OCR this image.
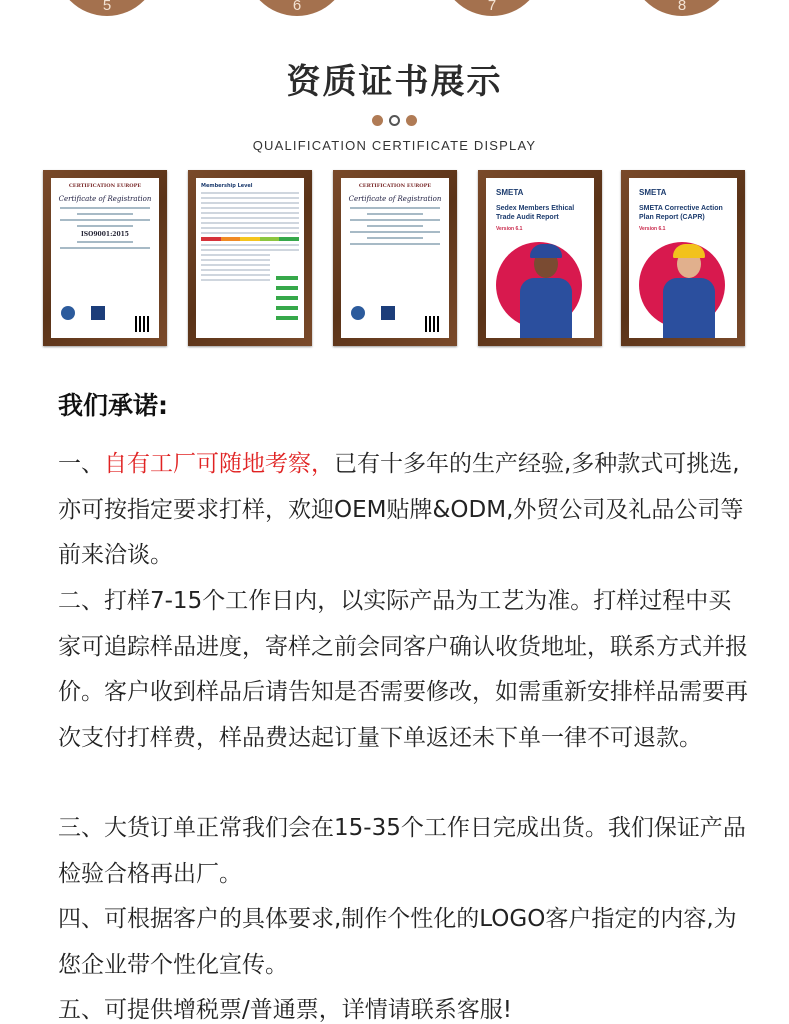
5	6	7	8
资质证书展示
QUALIFICATION CERTIFICATE DISPLAY
CERTIFICATION EUROPE
Certificate of Registration
ISO9001:2015
Membership Level	CERTIFICATION EUROPE
Certificate of Registration
SMETA
Sedex Members Ethical Trade Audit Report
Version 6.1
SMETA
SMETA Corrective Action Plan Report (CAPR)
Version 6.1
我们承诺:

一、自有工厂可随地考察，已有十多年的生产经验,多种款式可挑选,亦可按指定要求打样，欢迎OEM贴牌&ODM,外贸公司及礼品公司等前来洽谈。

二、打样7-15个工作日内，以实际产品为工艺为准。打样过程中买家可追踪样品进度，寄样之前会同客户确认收货地址，联系方式并报价。客户收到样品后请告知是否需要修改，如需重新安排样品需要再次支付打样费，样品费达起订量下单返还未下单一律不可退款。

三、大货订单正常我们会在15-35个工作日完成出货。我们保证产品检验合格再出厂。

四、可根据客户的具体要求,制作个性化的LOGO客户指定的内容,为您企业带个性化宣传。

五、可提供增税票/普通票，详情请联系客服!
